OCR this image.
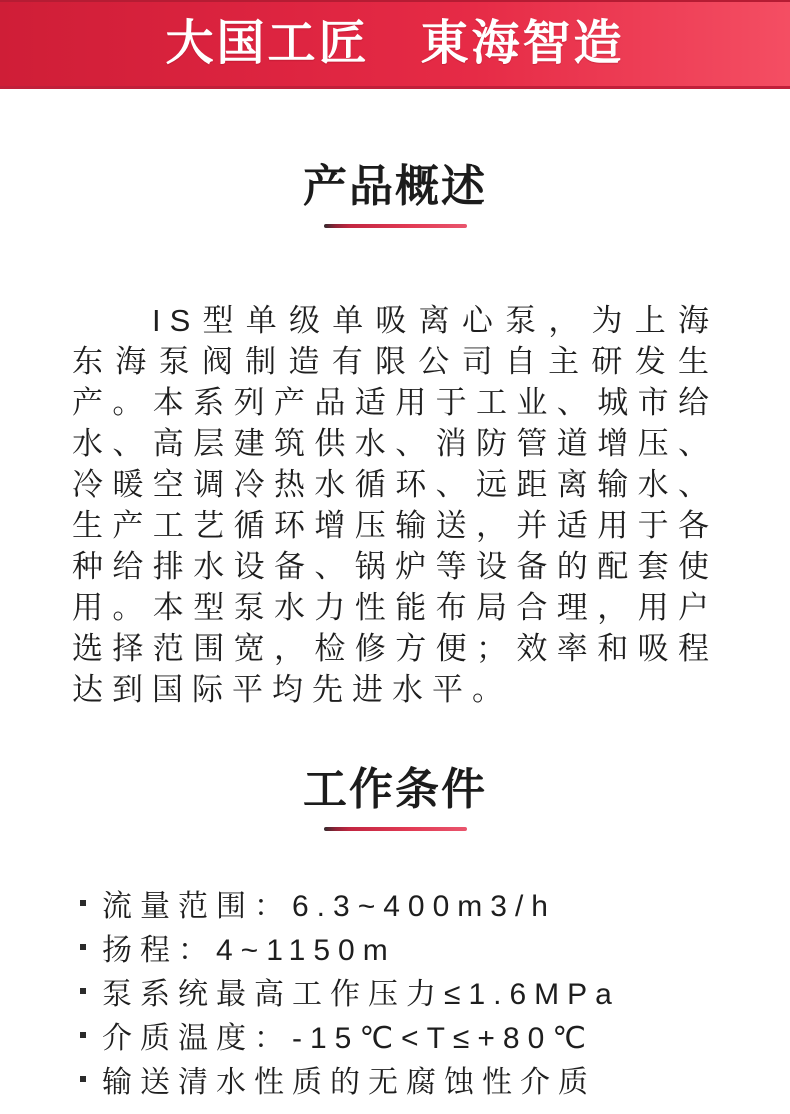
大国工匠　東海智造
产品概述

IS型单级单吸离心泵，为上海东海泵阀制造有限公司自主研发生产。本系列产品适用于工业、城市给水、高层建筑供水、消防管道增压、冷暖空调冷热水循环、远距离输水、生产工艺循环增压输送，并适用于各种给排水设备、锅炉等设备的配套使用。本型泵水力性能布局合理，用户选择范围宽，检修方便；效率和吸程达到国际平均先进水平。

工作条件
流量范围：6.3~400m3/h
扬程：4~1150m
泵系统最高工作压力≤1.6MPa
介质温度：-15℃<T≤+80℃
输送清水性质的无腐蚀性介质
